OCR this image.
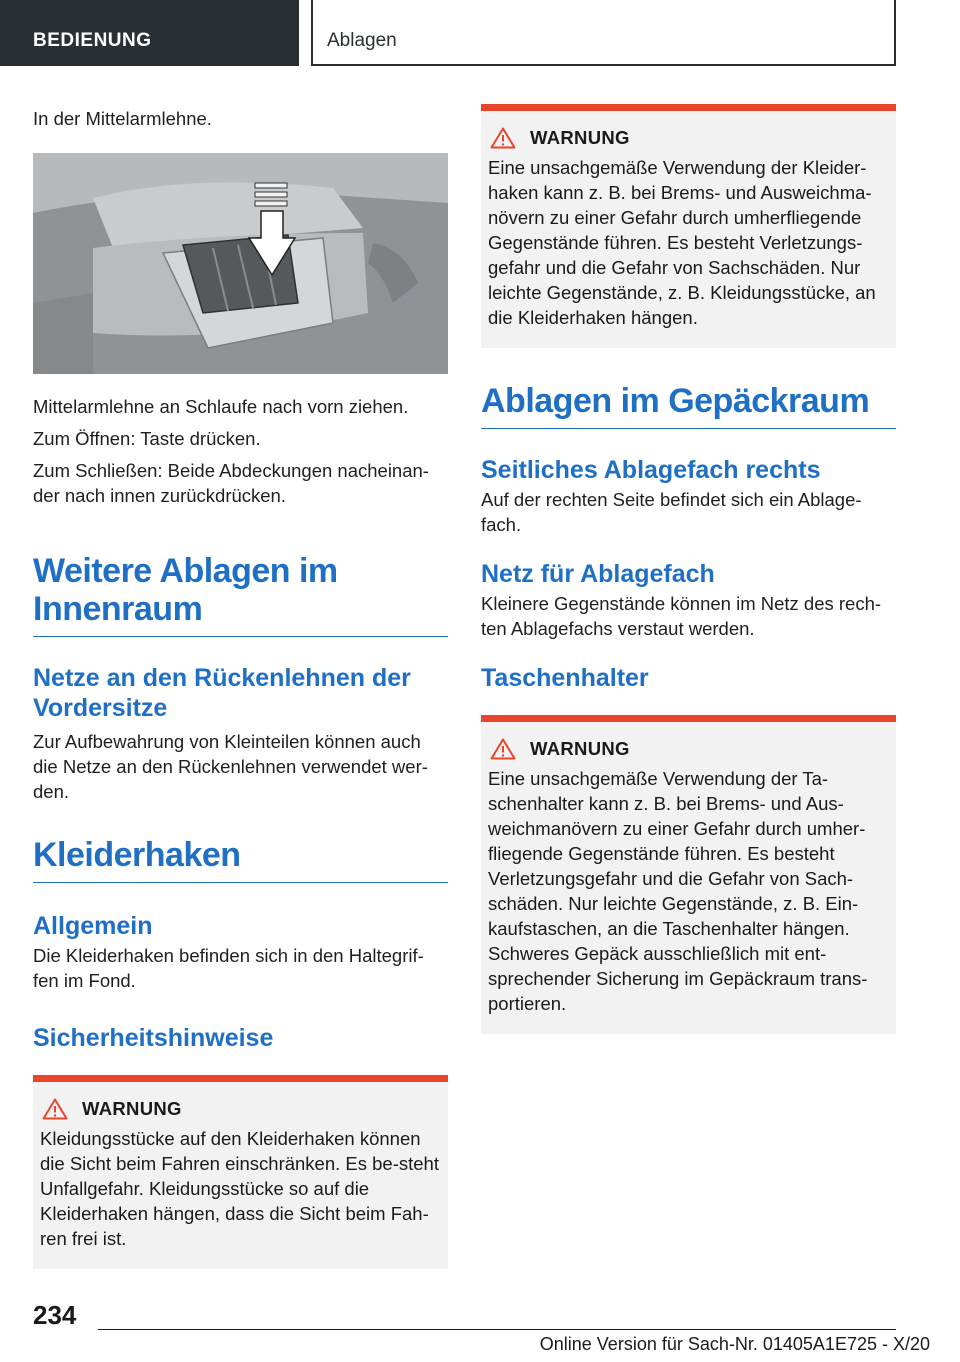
BEDIENUNG	Ablagen

In der Mittelarmlehne.

Mittelarmlehne an Schlaufe nach vorn ziehen.

Zum Öffnen: Taste drücken.

Zum Schließen: Beide Abdeckungen nacheinan-der nach innen zurückdrücken.

Weitere Ablagen im Innenraum
Netze an den Rückenlehnen der Vordersitze

Zur Aufbewahrung von Kleinteilen können auch die Netze an den Rückenlehnen verwendet wer-den.

Kleiderhaken
Allgemein

Die Kleiderhaken befinden sich in den Haltegrif-fen im Fond.

Sicherheitshinweise
WARNUNG

Kleidungsstücke auf den Kleiderhaken können die Sicht beim Fahren einschränken. Es be-steht Unfallgefahr. Kleidungsstücke so auf die Kleiderhaken hängen, dass die Sicht beim Fah-ren frei ist.

WARNUNG

Eine unsachgemäße Verwendung der Kleider-haken kann z. B. bei Brems- und Ausweichma-növern zu einer Gefahr durch umherfliegende Gegenstände führen. Es besteht Verletzungs-gefahr und die Gefahr von Sachschäden. Nur leichte Gegenstände, z. B. Kleidungsstücke, an die Kleiderhaken hängen.

Ablagen im Gepäckraum
Seitliches Ablagefach rechts

Auf der rechten Seite befindet sich ein Ablage-fach.

Netz für Ablagefach

Kleinere Gegenstände können im Netz des rech-ten Ablagefachs verstaut werden.

Taschenhalter
WARNUNG

Eine unsachgemäße Verwendung der Ta-schenhalter kann z. B. bei Brems- und Aus-weichmanövern zu einer Gefahr durch umher-fliegende Gegenstände führen. Es besteht Verletzungsgefahr und die Gefahr von Sach-schäden. Nur leichte Gegenstände, z. B. Ein-kaufstaschen, an die Taschenhalter hängen. Schweres Gepäck ausschließlich mit ent-sprechender Sicherung im Gepäckraum trans-portieren.

234
Online Version für Sach-Nr. 01405A1E725 - X/20
